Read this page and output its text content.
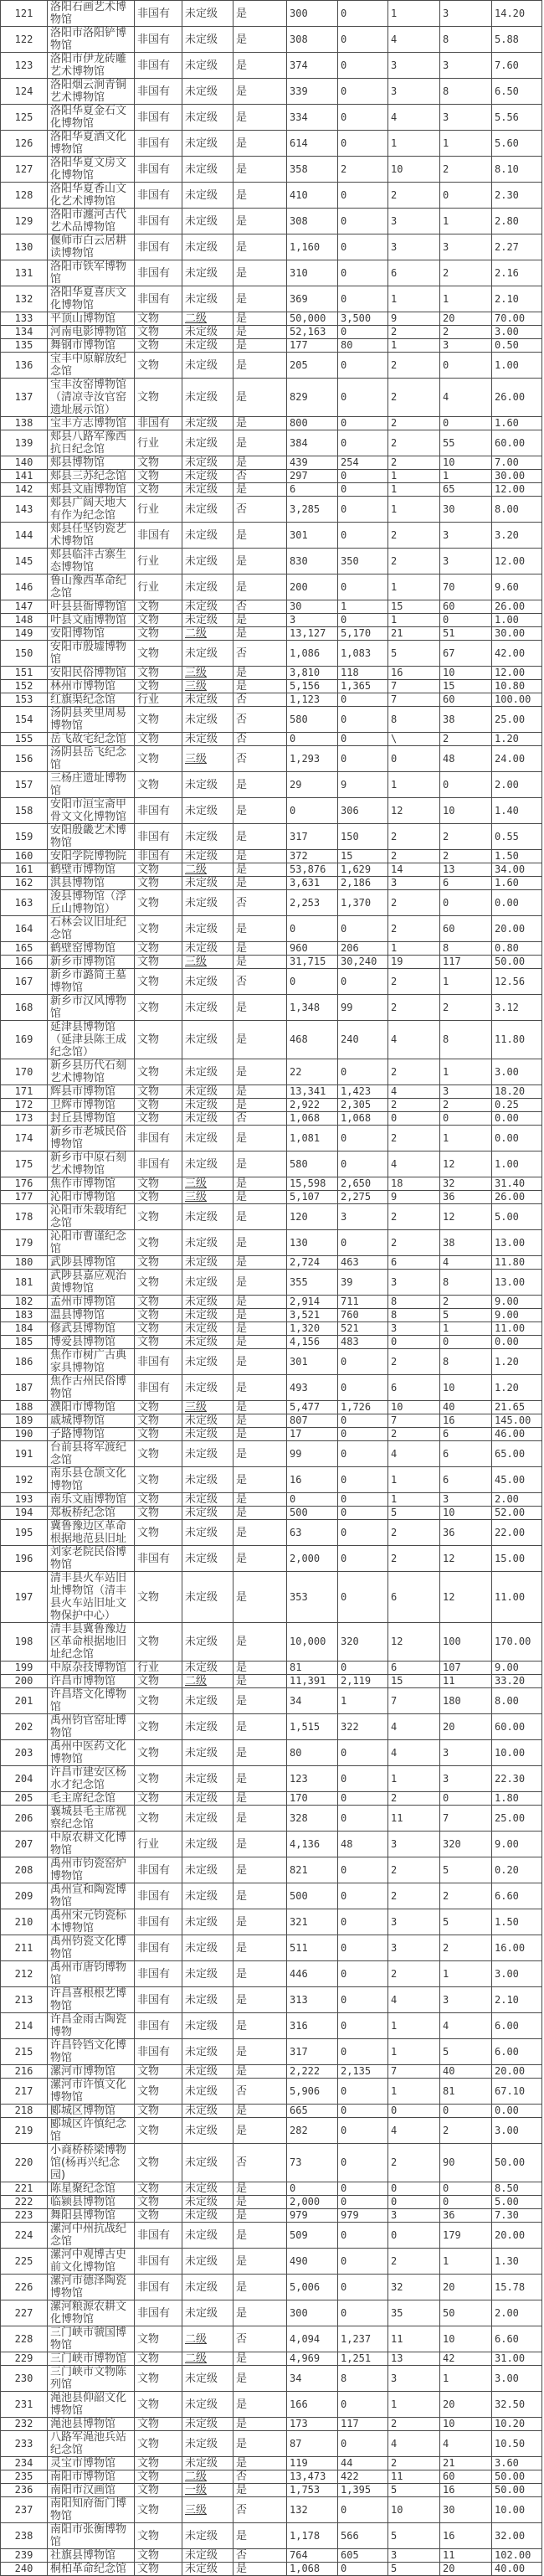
121	洛阳石画艺术博物馆	非国有	未定级	是	300	0	1	3	14.20
122	洛阳市洛阳铲博物馆	非国有	未定级	是	308	0	4	8	5.88
123	洛阳市伊龙砖雕艺术博物馆	非国有	未定级	是	374	0	3	3	7.60
124	洛阳烟云涧青铜艺术博物馆	非国有	未定级	是	339	0	3	8	6.50
125	洛阳华夏金石文化博物馆	非国有	未定级	是	334	0	4	3	5.56
126	洛阳华夏酒文化博物馆	非国有	未定级	是	614	0	1	1	5.60
127	洛阳华夏文房文化博物馆	非国有	未定级	是	358	2	10	2	8.10
128	洛阳华夏香山文化艺术博物馆	非国有	未定级	是	410	0	2	0	2.30
129	洛阳市瀍河古代艺术品博物馆	非国有	未定级	是	308	0	3	1	2.80
130	偃师市白云居耕读博物馆	非国有	未定级	是	1,160	0	3	3	2.27
131	洛阳市铁军博物馆	非国有	未定级	是	310	0	6	2	2.16
132	洛阳华夏喜庆文化博物馆	非国有	未定级	是	369	0	1	1	2.10
133	平顶山博物馆	文物	二级	是	50,000	3,500	9	20	70.00
134	河南电影博物馆	文物	未定级	是	52,163	0	2	2	3.00
135	舞钢市博物馆	文物	未定级	是	177	80	1	3	0.50
136	宝丰中原解放纪念馆	文物	未定级	是	205	0	2	0	1.00
137	宝丰汝窑博物馆（清凉寺汝官窑遗址展示馆）	文物	未定级	是	829	0	2	4	26.00
138	宝丰方志博物馆	非国有	未定级	是	800	0	2	0	1.60
139	郏县八路军豫西抗日纪念馆	行业	未定级	是	384	0	2	55	60.00
140	郏县博物馆	文物	未定级	是	439	254	2	10	7.00
141	郏县三苏纪念馆	文物	未定级	否	297	0	1	1	30.00
142	郏县文庙博物馆	文物	未定级	是	6	0	1	65	12.00
143	郏县广阔天地大有作为纪念馆	行业	未定级	否	3,285	0	1	30	8.00
144	郏县任坚钧瓷艺术博物馆	非国有	未定级	是	301	0	2	3	3.20
145	郏县临沣古寨生态博物馆	行业	未定级	是	830	350	2	3	12.00
146	鲁山豫西革命纪念馆	行业	未定级	是	200	0	1	70	9.60
147	叶县县衙博物馆	文物	未定级	否	30	1	15	60	26.00
148	叶县文庙博物馆	文物	未定级	是	3	0	1	0	1.00
149	安阳博物馆	文物	二级	是	13,127	5,170	21	51	30.00
150	安阳市殷墟博物馆	文物	未定级	否	1,086	1,083	5	67	42.00
151	安阳民俗博物馆	文物	三级	是	3,810	118	16	10	12.00
152	林州市博物馆	文物	三级	是	5,156	1,365	7	15	10.80
153	红旗渠纪念馆	行业	未定级	否	1,123	0	7	60	100.00
154	汤阴县羑里周易博物馆	文物	未定级	否	580	0	8	38	25.00
155	岳飞故宅纪念馆	文物	未定级	否	0	0	\	2	1.20
156	汤阴县岳飞纪念馆	文物	三级	否	1,293	0	0	48	24.00
157	三杨庄遗址博物馆	文物	未定级	是	29	9	1	0	2.00
158	安阳市洹宝斋甲骨文文化博物馆	非国有	未定级	是	0	306	12	10	1.40
159	安阳殷畿艺术博物馆	非国有	未定级	是	317	150	2	2	0.55
160	安阳学院博物院	非国有	未定级	是	372	15	2	2	1.50
161	鹤壁市博物馆	文物	二级	是	53,876	1,629	14	13	34.00
162	淇县博物馆	文物	未定级	是	3,631	2,186	3	6	1.60
163	浚县博物馆（浮丘山博物馆）	文物	未定级	否	2,253	1,370	2	0	0.00
164	石林会议旧址纪念馆	文物	未定级	是	0	0	2	60	20.00
165	鹤壁窑博物馆	文物	未定级	是	960	206	1	8	0.80
166	新乡市博物馆	文物	三级	是	31,715	30,240	19	117	50.00
167	新乡市潞简王墓博物馆	文物	未定级	否	0	0	2	1	12.56
168	新乡市汉风博物馆	文物	未定级	是	1,348	99	2	2	3.12
169	延津县博物馆（延津县陈王成纪念馆）	文物	未定级	是	468	240	4	8	11.80
170	新乡县历代石刻艺术博物馆	文物	未定级	是	22	0	2	1	3.00
171	辉县市博物馆	文物	未定级	是	13,341	1,423	4	3	18.20
172	卫辉市博物馆	文物	未定级	是	2,922	2,305	2	2	0.25
173	封丘县博物馆	文物	未定级	否	1,068	1,068	0	0	0.00
174	新乡市老城民俗博物馆	非国有	未定级	是	1,081	0	2	1	0.00
175	新乡市中原石刻艺术博物馆	非国有	未定级	是	580	0	4	12	1.00
176	焦作市博物馆	文物	三级	是	15,598	2,650	18	32	31.40
177	沁阳市博物馆	文物	三级	是	5,107	2,275	9	36	26.00
178	沁阳市朱载堉纪念馆	文物	未定级	是	120	3	2	12	5.00
179	沁阳市曹谨纪念馆	文物	未定级	是	130	0	2	38	13.00
180	武陟县博物馆	文物	未定级	是	2,724	463	6	4	11.80
181	武陟县嘉应观治黄博物馆	文物	未定级	是	355	39	3	8	13.00
182	孟州市博物馆	文物	未定级	是	2,914	711	8	2	9.00
183	温县博物馆	文物	未定级	是	3,521	760	8	5	9.00
184	修武县博物馆	文物	未定级	是	1,320	521	3	1	11.00
185	博爱县博物馆	文物	未定级	是	4,156	483	0	0	0.00
186	焦作市树广古典家具博物馆	非国有	未定级	是	301	0	2	8	1.20
187	焦作古州民俗博物馆	非国有	未定级	是	493	0	6	10	1.20
188	濮阳市博物馆	文物	三级	是	5,477	1,726	10	40	21.65
189	戚城博物馆	文物	未定级	是	807	0	7	16	145.00
190	子路博物馆	文物	未定级	是	17	0	2	6	46.00
191	台前县将军渡纪念馆	文物	未定级	是	99	0	4	6	65.00
192	南乐县仓颉文化博物馆	文物	未定级	是	16	0	1	6	45.00
193	南乐文庙博物馆	文物	未定级	是	0	0	1	3	2.00
194	郑板桥纪念馆	文物	未定级	是	500	0	5	10	52.00
195	冀鲁豫边区革命根据地范县旧址	文物	未定级	是	63	0	2	36	22.00
196	刘家老院民俗博物馆	非国有	未定级	是	2,000	0	2	12	15.00
197	清丰县火车站旧址博物馆（清丰县火车站旧址文物保护中心）	文物	未定级	是	353	0	6	12	11.00
198	清丰县冀鲁豫边区革命根据地旧址纪念馆	文物	未定级	是	10,000	320	12	100	170.00
199	中原杂技博物馆	行业	未定级	是	81	0	6	107	9.00
200	许昌市博物馆	文物	二级	是	11,391	2,119	15	11	33.20
201	许昌塔文化博物馆	文物	未定级	是	34	1	7	180	8.00
202	禹州钧官窑址博物馆	文物	未定级	是	1,515	322	4	20	60.00
203	禹州中医药文化博物馆	文物	未定级	是	80	0	4	3	10.00
204	许昌市建安区杨水才纪念馆	文物	未定级	是	123	0	1	3	22.30
205	毛主席纪念馆	文物	未定级	是	170	0	2	0	1.80
206	襄城县毛主席视察纪念馆	文物	未定级	是	328	0	11	7	25.00
207	中原农耕文化博物馆	行业	未定级	是	4,136	48	3	320	9.00
208	禹州市钧瓷窑炉博物馆	非国有	未定级	是	821	0	2	5	0.20
209	禹州宣和陶瓷博物馆	非国有	未定级	是	500	0	2	2	6.60
210	禹州宋元钧瓷标本博物馆	非国有	未定级	是	321	0	3	5	1.50
211	禹州钧瓷文化博物馆	非国有	未定级	是	511	0	3	2	16.00
212	禹州市唐钧博物馆	非国有	未定级	是	446	0	2	1	3.00
213	许昌喜根根艺博物馆	非国有	未定级	是	313	0	4	3	2.10
214	许昌金雨古陶瓷博物	非国有	未定级	是	316	0	1	4	6.00
215	许昌铃铛文化博物馆	非国有	未定级	是	317	0	1	5	6.00
216	漯河市博物馆	文物	未定级	是	2,222	2,135	7	40	20.00
217	漯河市许慎文化博物馆	文物	未定级	否	5,906	0	1	81	67.10
218	郾城区博物馆	文物	未定级	是	665	0	0	0	0.00
219	郾城区许慎纪念馆	文物	未定级	是	282	0	4	2	3.00
220	小商桥桥梁博物馆(杨再兴纪念园)	文物	未定级	否	73	0	2	90	50.00
221	陈星聚纪念馆	文物	未定级	是	0	0	0	0	8.50
222	临颍县博物馆	文物	未定级	是	2,000	0	0	0	5.00
223	舞阳县博物馆	文物	未定级	是	979	979	3	36	7.30
224	漯河中州抗战纪念馆	非国有	未定级	是	509	0	0	179	20.00
225	漯河中观博古史前文化博物馆	非国有	未定级	是	490	0	2	1	1.30
226	漯河市德泽陶瓷博物馆	非国有	未定级	是	5,006	0	32	20	15.78
227	漯河粮源农耕文化博物馆	非国有	未定级	是	300	0	35	50	2.00
228	三门峡市虢国博物馆	文物	二级	否	4,094	1,237	11	10	6.60
229	三门峡市博物馆	文物	二级	是	4,969	1,251	13	42	31.00
230	三门峡市文物陈列馆	文物	未定级	是	34	8	3	1	3.00
231	渑池县仰韶文化博物馆	文物	未定级	是	166	0	1	20	32.50
232	渑池县博物馆	文物	未定级	是	173	117	2	10	10.20
233	八路军渑池兵站纪念馆	文物	未定级	是	87	0	4	4	10.50
234	灵宝市博物馆	文物	未定级	是	119	44	2	21	3.60
235	南阳市博物馆	文物	二级	否	13,473	422	11	60	50.00
236	南阳市汉画馆	文物	一级	是	1,753	1,395	5	16	50.00
237	南阳知府衙门博物馆	文物	三级	否	132	0	10	30	10.00
238	南阳市张衡博物馆	文物	未定级	是	1,178	566	5	16	32.00
239	社旗县博物馆	文物	未定级	否	764	605	3	11	102.00
240	桐柏革命纪念馆	文物	未定级	是	1,068	0	5	20	40.00
